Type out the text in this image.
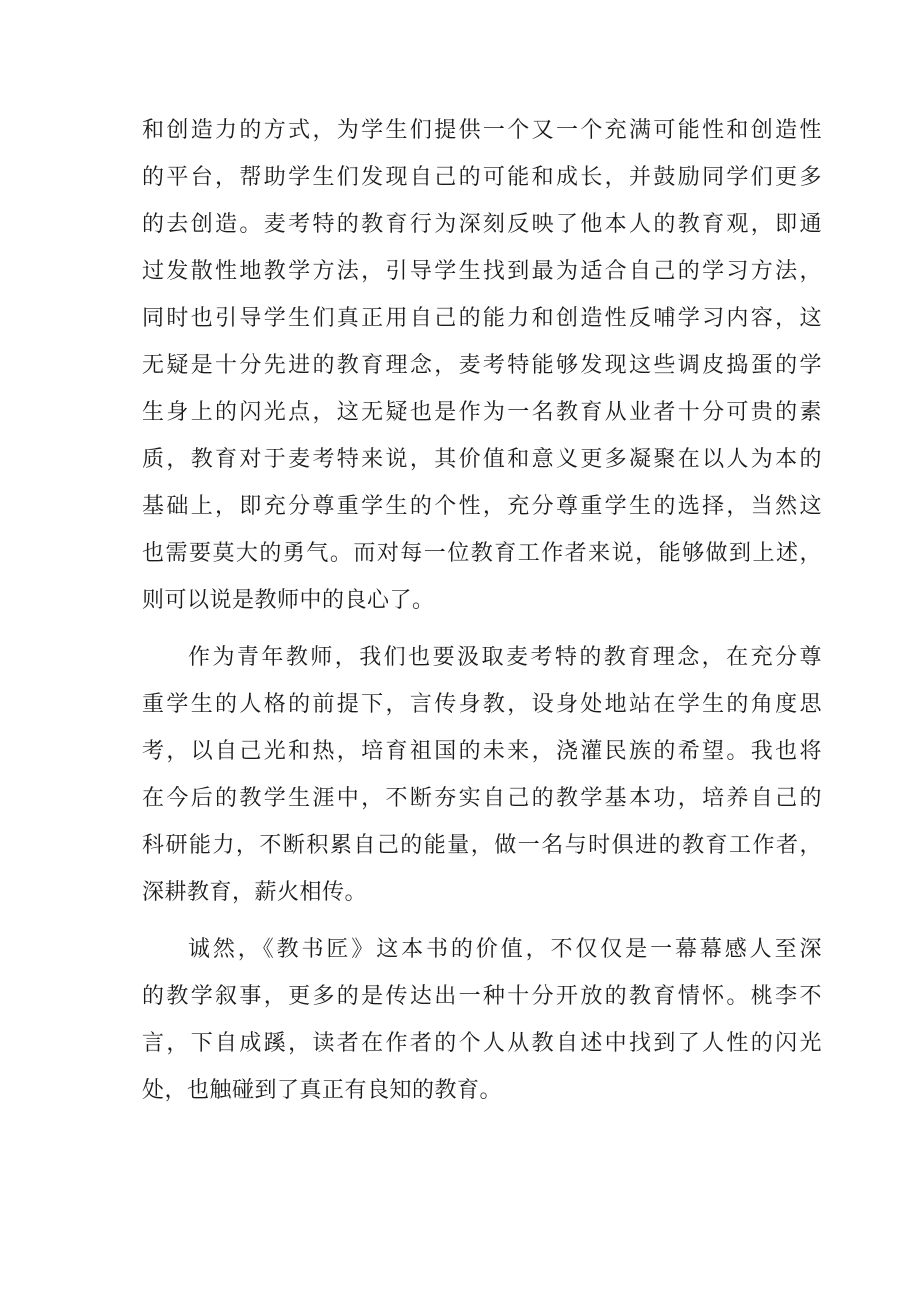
和创造力的方式，为学生们提供一个又一个充满可能性和创造性
的平台，帮助学生们发现自己的可能和成长，并鼓励同学们更多
的去创造。麦考特的教育行为深刻反映了他本人的教育观，即通
过发散性地教学方法，引导学生找到最为适合自己的学习方法，
同时也引导学生们真正用自己的能力和创造性反哺学习内容，这
无疑是十分先进的教育理念，麦考特能够发现这些调皮捣蛋的学
生身上的闪光点，这无疑也是作为一名教育从业者十分可贵的素
质，教育对于麦考特来说，其价值和意义更多凝聚在以人为本的
基础上，即充分尊重学生的个性，充分尊重学生的选择，当然这
也需要莫大的勇气。而对每一位教育工作者来说，能够做到上述，
则可以说是教师中的良心了。
作为青年教师，我们也要汲取麦考特的教育理念，在充分尊
重学生的人格的前提下，言传身教，设身处地站在学生的角度思
考，以自己光和热，培育祖国的未来，浇灌民族的希望。我也将
在今后的教学生涯中，不断夯实自己的教学基本功，培养自己的
科研能力，不断积累自己的能量，做一名与时俱进的教育工作者，
深耕教育，薪火相传。
诚然，《教书匠》这本书的价值，不仅仅是一幕幕感人至深
的教学叙事，更多的是传达出一种十分开放的教育情怀。桃李不
言，下自成蹊，读者在作者的个人从教自述中找到了人性的闪光
处，也触碰到了真正有良知的教育。
